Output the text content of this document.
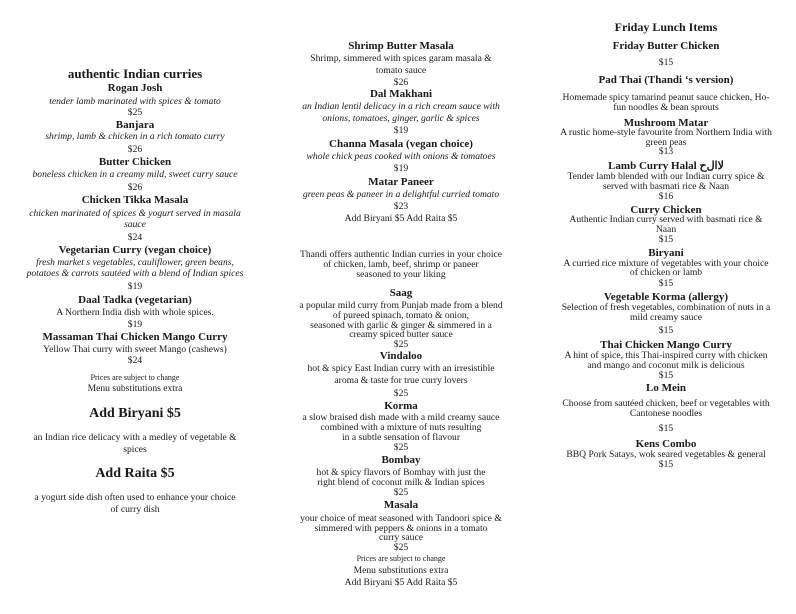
authentic Indian curries
Rogan Josh
tender lamb marinated with spices & tomato
$25
Banjara
shrimp, lamb & chicken in a rich tomato curry
$26
Butter Chicken
boneless chicken in a creamy mild, sweet curry sauce
$26
Chicken Tikka Masala
chicken marinated of spices & yogurt served in masala
sauce
$24
Vegetarian Curry (vegan choice)
fresh market s vegetables, cauliflower, green beans,
potatoes & carrots sautéed with a blend of Indian spices
$19
Daal Tadka (vegetarian)
A Northern India dish with whole spices.
$19
Massaman Thai Chicken Mango Curry
Yellow Thai curry with sweet Mango (cashews)
$24
Prices are subject to change
Menu substitutions extra
Add Biryani $5
an Indian rice delicacy with a medley of vegetable &
spices
Add Raita $5
a yogurt side dish often used to enhance your choice
of curry dish
Shrimp Butter Masala
Shrimp, simmered with spices garam masala &
tomato sauce
$26
Dal Makhani
an Indian lentil delicacy in a rich cream sauce with
onions, tomatoes, ginger, garlic & spices
$19
Channa Masala (vegan choice)
whole chick peas cooked with onions & tomatoes
$19
Matar Paneer
green peas & paneer in a delightful curried tomato
$23
Add Biryani $5 Add Raita $5
Thandi offers authentic Indian curries in your choice
of chicken, lamb, beef, shrimp or paneer
seasoned to your liking
Saag
a popular mild curry from Punjab made from a blend
of pureed spinach, tomato & onion,
seasoned with garlic & ginger & simmered in a
creamy spiced butter sauce
$25
Vindaloo
hot & spicy East Indian curry with an irresistible
aroma & taste for true curry lovers
$25
Korma
a slow braised dish made with a mild creamy sauce
combined with a mixture of nuts resulting
in a subtle sensation of flavour
$25
Bombay
hot & spicy flavors of Bombay with just the
right blend of coconut milk & Indian spices
$25
Masala
your choice of meat seasoned with Tandoori spice &
simmered with peppers & onions in a tomato
curry sauce
$25
Prices are subject to change
Menu substitutions extra
Add Biryani $5 Add Raita $5
Friday Lunch Items
Friday Butter Chicken
$15
Pad Thai (Thandi ‘s version)
Homemade spicy tamarind peanut sauce chicken, Ho-
fun noodles & bean sprouts
Mushroom Matar
A rustic home-style favourite from Northern India with
green peas
$13
Lamb Curry Halal ﻻﺍﻝﺡ
Tender lamb blended with our Indian curry spice &
served with basmati rice & Naan
$16
Curry Chicken
Authentic Indian curry served with basmati rice &
Naan
$15
Biryani
A curried rice mixture of vegetables with your choice
of chicken or lamb
$15
Vegetable Korma (allergy)
Selection of fresh vegetables, combination of nuts in a
mild creamy sauce
$15
Thai Chicken Mango Curry
A hint of spice, this Thai-inspired curry with chicken
and mango and coconut milk is delicious
$15
Lo Mein
Choose from sautéed chicken, beef or vegetables with
Cantonese noodles
$15
Kens Combo
BBQ Pork Satays, wok seared vegetables & general
$15
